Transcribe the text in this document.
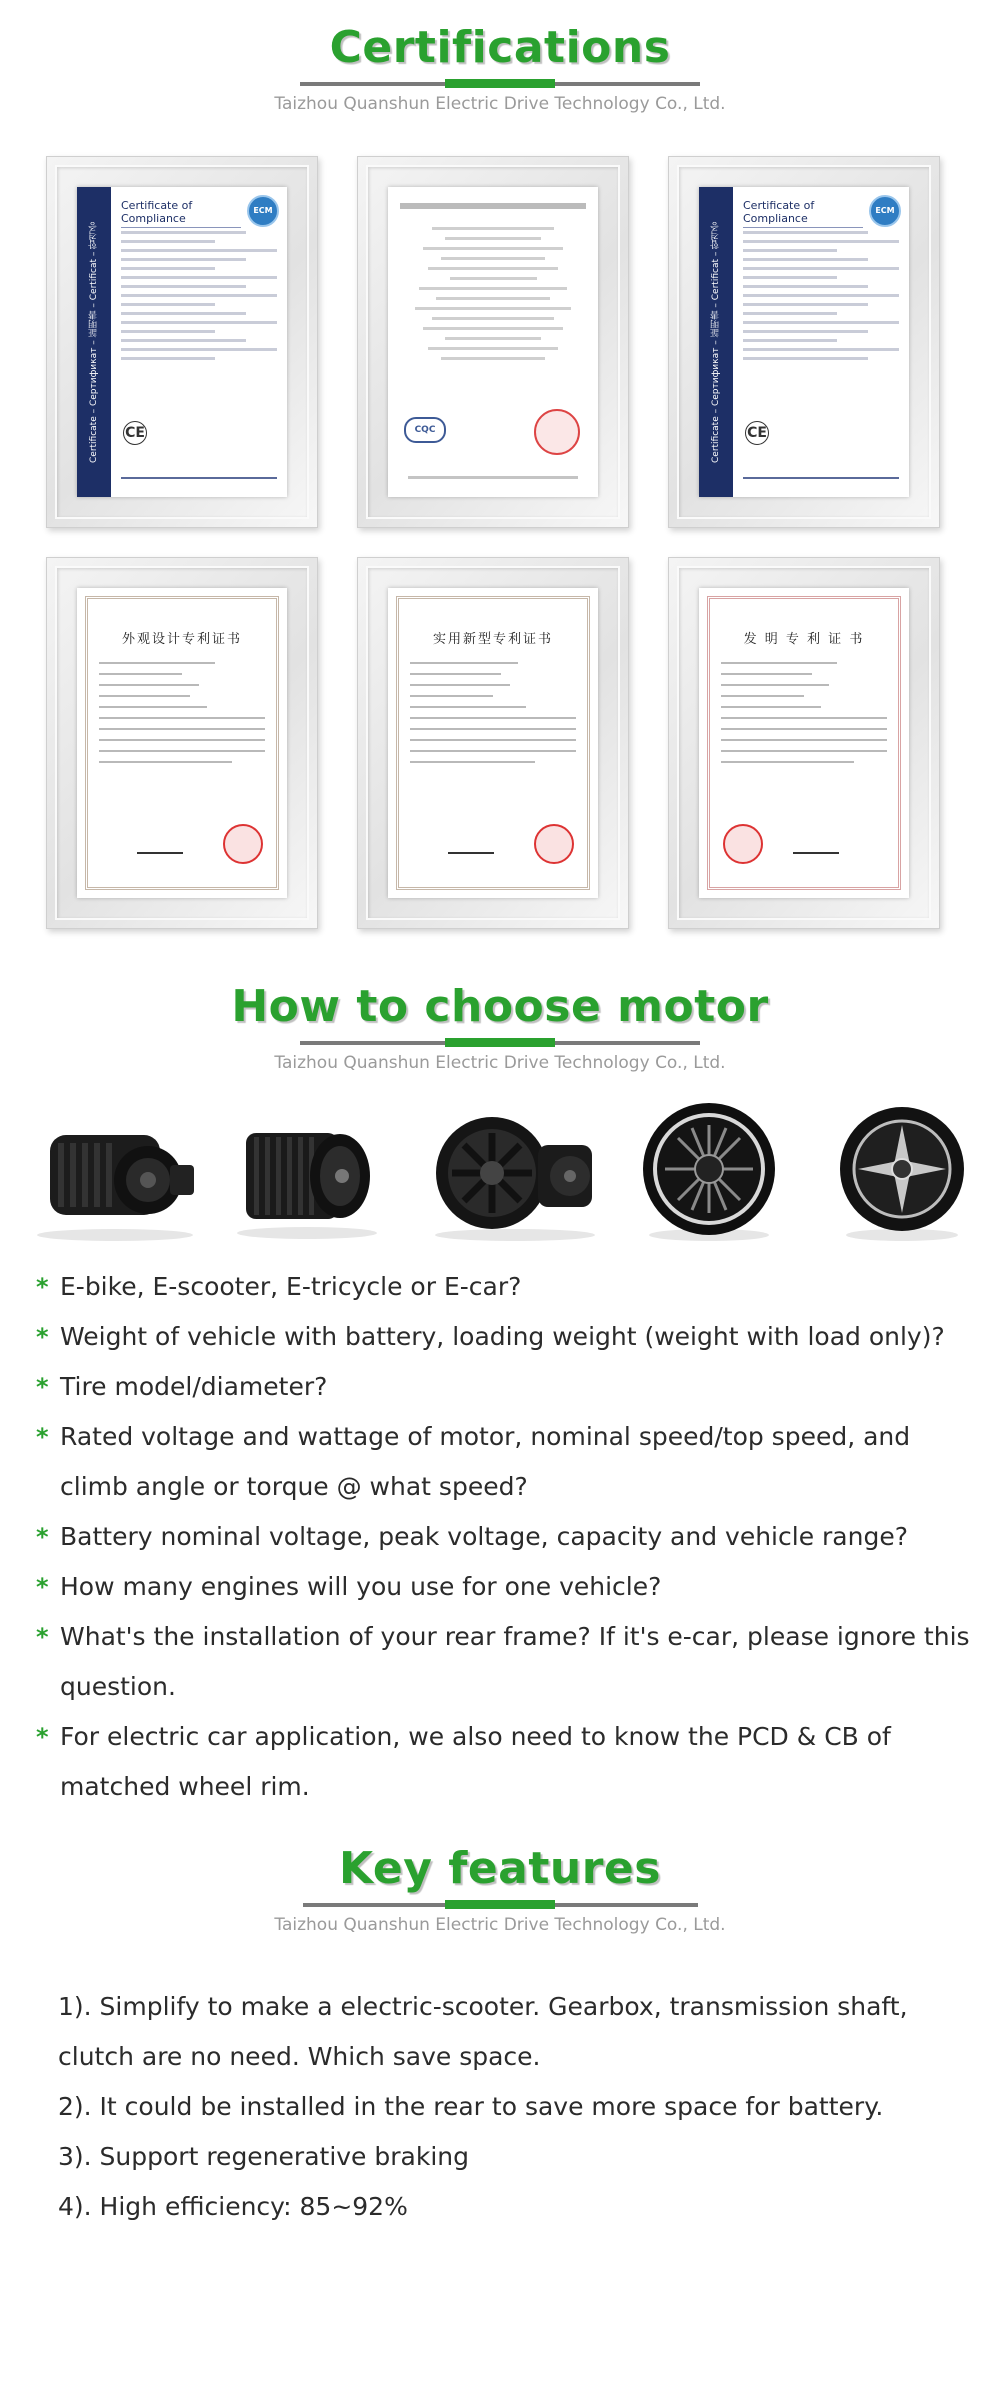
Certifications
Taizhou Quanshun Electric Drive Technology Co., Ltd.
Certificate – Сертификат – 証明書 – Certificat – 합격증
Certificate of Compliance
ECM
CE	CQC	Certificate – Сертификат – 証明書 – Certificat – 합격증
Certificate of Compliance
ECM
CE
外观设计专利证书	实用新型专利证书	发 明 专 利 证 书
How to choose motor
Taizhou Quanshun Electric Drive Technology Co., Ltd.
* E-bike, E-scooter, E-tricycle or E-car?
* Weight of vehicle with battery, loading weight (weight with load only)?
* Tire model/diameter?
* Rated voltage and wattage of motor, nominal speed/top speed, and climb angle or torque @ what speed?
* Battery nominal voltage, peak voltage, capacity and vehicle range?
* How many engines will you use for one vehicle?
* What's the installation of your rear frame? If it's e-car, please ignore this question.
* For electric car application, we also need to know the PCD & CB of matched wheel rim.
Key features
Taizhou Quanshun Electric Drive Technology Co., Ltd.
1). Simplify to make a electric-scooter. Gearbox, transmission shaft, clutch are no need. Which save space.
2). It could be installed in the rear to save more space for battery.
3). Support regenerative braking
4). High efficiency: 85~92%
